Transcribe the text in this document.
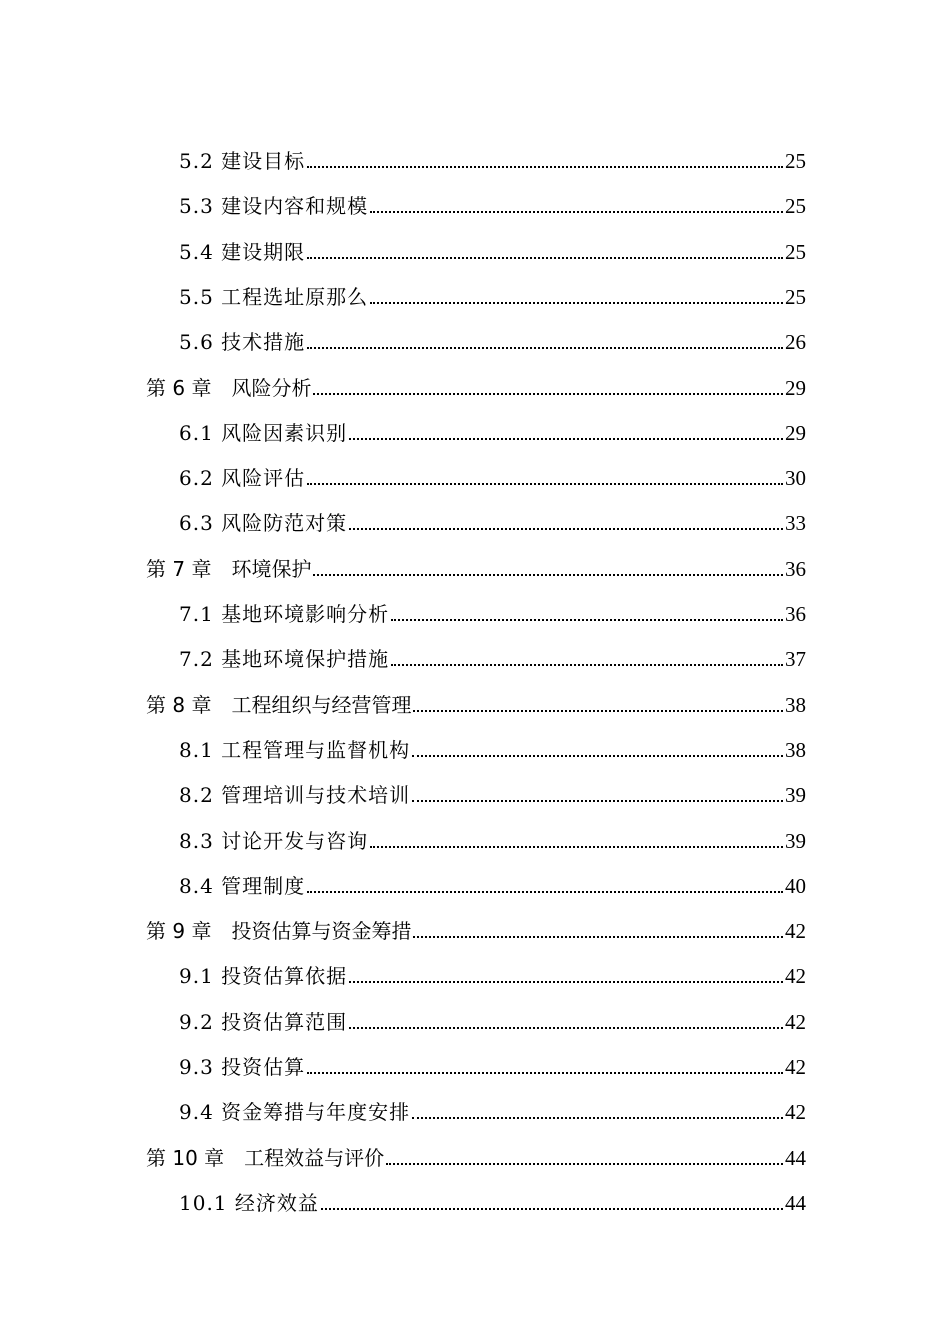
5.2 建设目标	25
5.3 建设内容和规模	25
5.4 建设期限	25
5.5 工程选址原那么	25
5.6 技术措施	26
第 6 章　风险分析	29
6.1 风险因素识别	29
6.2 风险评估	30
6.3 风险防范对策	33
第 7 章　环境保护	36
7.1 基地环境影响分析	36
7.2 基地环境保护措施	37
第 8 章　工程组织与经营管理	38
8.1 工程管理与监督机构	38
8.2 管理培训与技术培训	39
8.3 讨论开发与咨询	39
8.4 管理制度	40
第 9 章　投资估算与资金筹措	42
9.1 投资估算依据	42
9.2 投资估算范围	42
9.3 投资估算	42
9.4 资金筹措与年度安排	42
第 10 章　工程效益与评价	44
10.1 经济效益	44
